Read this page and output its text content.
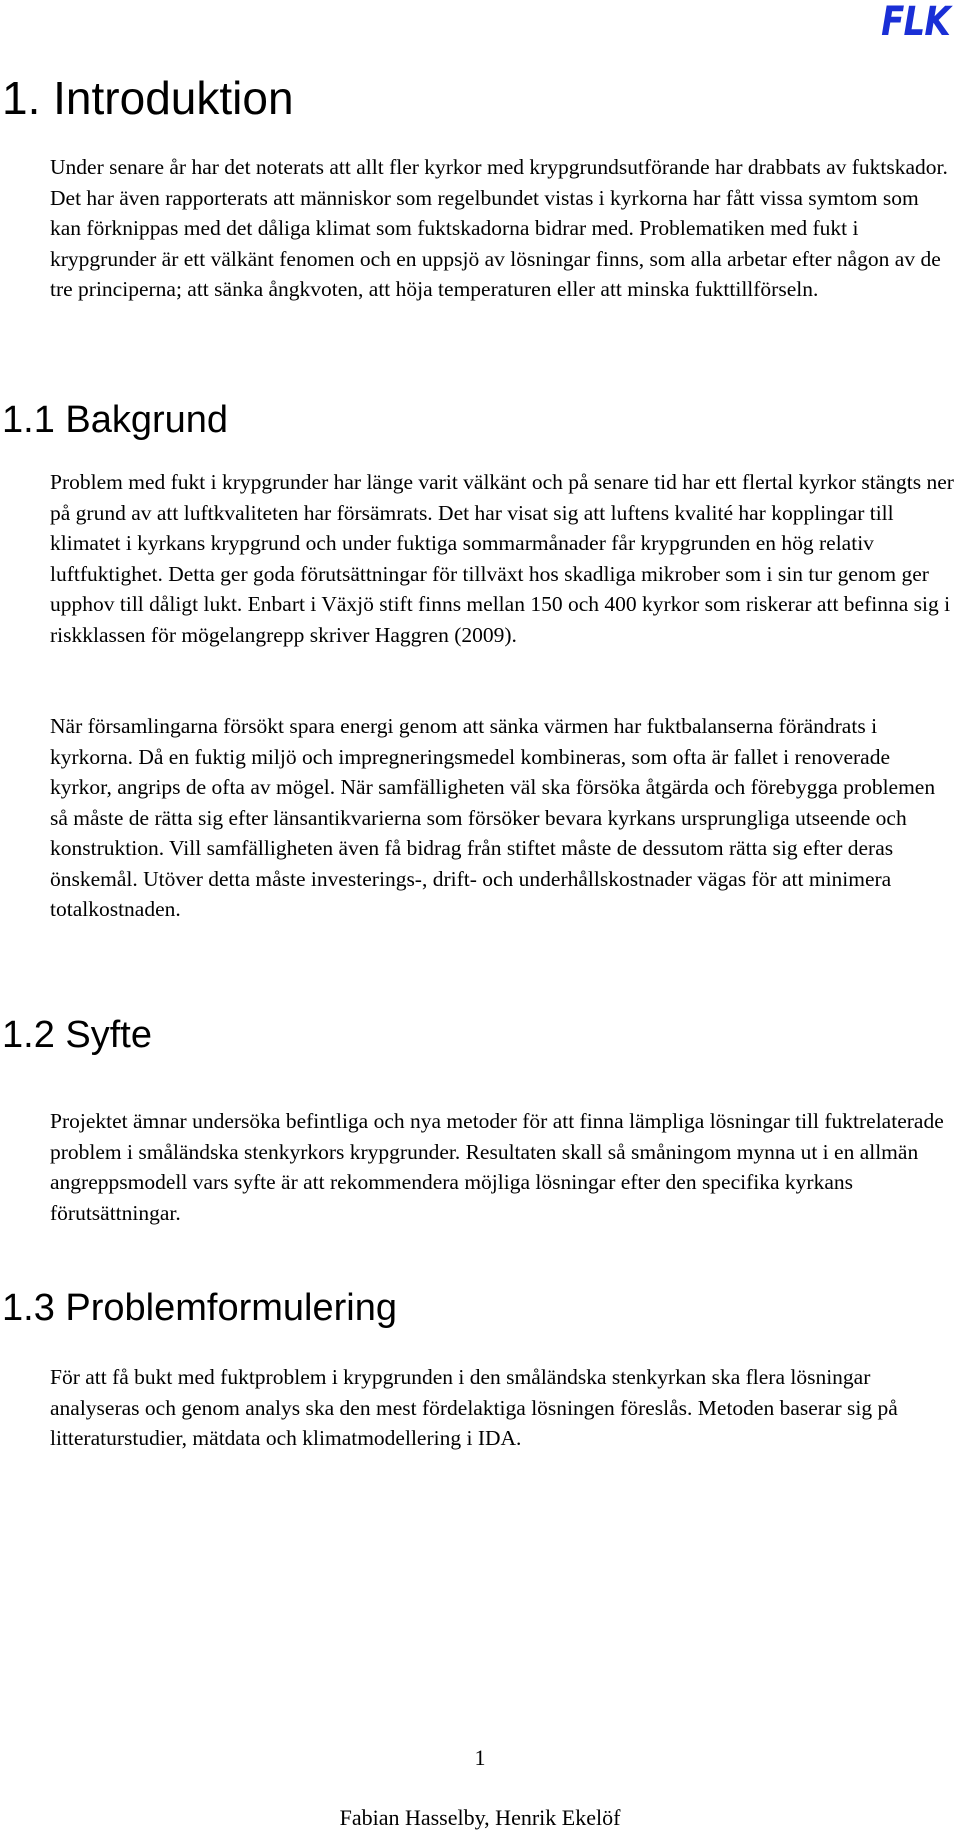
FLK
1. Introduktion

Under senare år har det noterats att allt fler kyrkor med krypgrundsutförande har drabbats av fuktskador. Det har även rapporterats att människor som regelbundet vistas i kyrkorna har fått vissa symtom som kan förknippas med det dåliga klimat som fuktskadorna bidrar med. Problematiken med fukt i krypgrunder är ett välkänt fenomen och en uppsjö av lösningar finns, som alla arbetar efter någon av de tre principerna; att sänka ångkvoten, att höja temperaturen eller att minska fukttillförseln.

1.1 Bakgrund

Problem med fukt i krypgrunder har länge varit välkänt och på senare tid har ett flertal kyrkor stängts ner på grund av att luftkvaliteten har försämrats. Det har visat sig att luftens kvalité har kopplingar till klimatet i kyrkans krypgrund och under fuktiga sommarmånader får krypgrunden en hög relativ luftfuktighet. Detta ger goda förutsättningar för tillväxt hos skadliga mikrober som i sin tur genom ger upphov till dåligt lukt. Enbart i Växjö stift finns mellan 150 och 400 kyrkor som riskerar att befinna sig i riskklassen för mögelangrepp skriver Haggren (2009).

När församlingarna försökt spara energi genom att sänka värmen har fuktbalanserna förändrats i kyrkorna. Då en fuktig miljö och impregneringsmedel kombineras, som ofta är fallet i renoverade kyrkor, angrips de ofta av mögel. När samfälligheten väl ska försöka åtgärda och förebygga problemen så måste de rätta sig efter länsantikvarierna som försöker bevara kyrkans ursprungliga utseende och konstruktion. Vill samfälligheten även få bidrag från stiftet måste de dessutom rätta sig efter deras önskemål. Utöver detta måste investerings-, drift- och underhållskostnader vägas för att minimera totalkostnaden.

1.2 Syfte

Projektet ämnar undersöka befintliga och nya metoder för att finna lämpliga lösningar till fuktrelaterade problem i småländska stenkyrkors krypgrunder. Resultaten skall så småningom mynna ut i en allmän angreppsmodell vars syfte är att rekommendera möjliga lösningar efter den specifika kyrkans förutsättningar.

1.3 Problemformulering

För att få bukt med fuktproblem i krypgrunden i den småländska stenkyrkan ska flera lösningar analyseras och genom analys ska den mest fördelaktiga lösningen föreslås. Metoden baserar sig på litteraturstudier, mätdata och klimatmodellering i IDA.

1
Fabian Hasselby, Henrik Ekelöf
